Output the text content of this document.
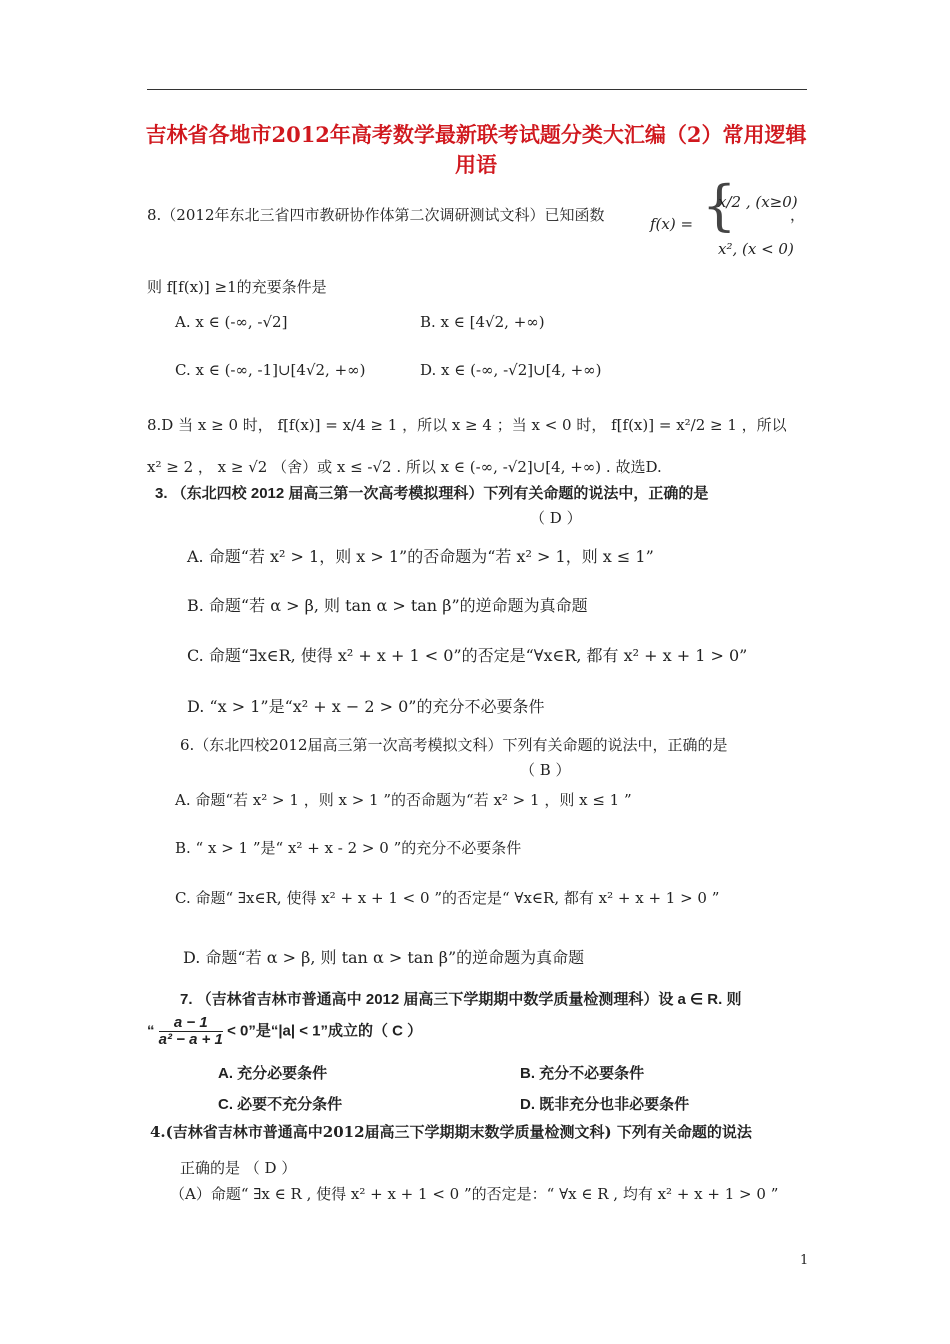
吉林省各地市2012年高考数学最新联考试题分类大汇编（2）常用逻辑用语
8.（2012年东北三省四市教研协作体第二次调研测试文科）已知函数	f(x) = {
x/2 , (x≥0)
x², (x < 0)
，
则 f[f(x)] ≥1的充要条件是
A. x ∈ (-∞, -√2]	B. x ∈ [4√2, +∞)
C. x ∈ (-∞, -1]∪[4√2, +∞)	D. x ∈ (-∞, -√2]∪[4, +∞)
8.D 当 x ≥ 0 时， f[f(x)] = x/4 ≥ 1 ，所以 x ≥ 4 ；当 x < 0 时， f[f(x)] = x²/2 ≥ 1 ，所以
x² ≥ 2 ， x ≥ √2 （舍）或 x ≤ -√2 . 所以 x ∈ (-∞, -√2]∪[4, +∞) . 故选D.
3. （东北四校 2012 届高三第一次高考模拟理科）下列有关命题的说法中，正确的是
（ D ）
A. 命题“若 x² > 1，则 x > 1”的否命题为“若 x² > 1，则 x ≤ 1”
B. 命题“若 α > β, 则 tan α > tan β”的逆命题为真命题
C. 命题“∃x∈R, 使得 x² + x + 1 < 0”的否定是“∀x∈R, 都有 x² + x + 1 > 0”
D. “x > 1”是“x² + x − 2 > 0”的充分不必要条件
6.（东北四校2012届高三第一次高考模拟文科）下列有关命题的说法中，正确的是
（ B ）
A. 命题“若 x² > 1 ，则 x > 1 ”的否命题为“若 x² > 1 ，则 x ≤ 1 ”
B. “ x > 1 ”是“ x² + x - 2 > 0 ”的充分不必要条件
C. 命题“ ∃x∈R, 使得 x² + x + 1 < 0 ”的否定是“ ∀x∈R, 都有 x² + x + 1 > 0 ”
D. 命题“若 α > β, 则 tan α > tan β”的逆命题为真命题
7. （吉林省吉林市普通高中 2012 届高三下学期期中数学质量检测理科）设 a ∈ R. 则
“ $\frac{a - 1}{\text{a² − a + 1}} < 0$”是“|a| < 1”成立的（ C ）
A. 充分必要条件	B. 充分不必要条件
C. 必要不充分条件	D. 既非充分也非必要条件
4.(吉林省吉林市普通高中2012届高三下学期期末数学质量检测文科) 下列有关命题的说法
正确的是 （ D ）
（A）命题“ ∃x ∈ R , 使得 x² + x + 1 < 0 ”的否定是：“ ∀x ∈ R , 均有 x² + x + 1 > 0 ”
1
